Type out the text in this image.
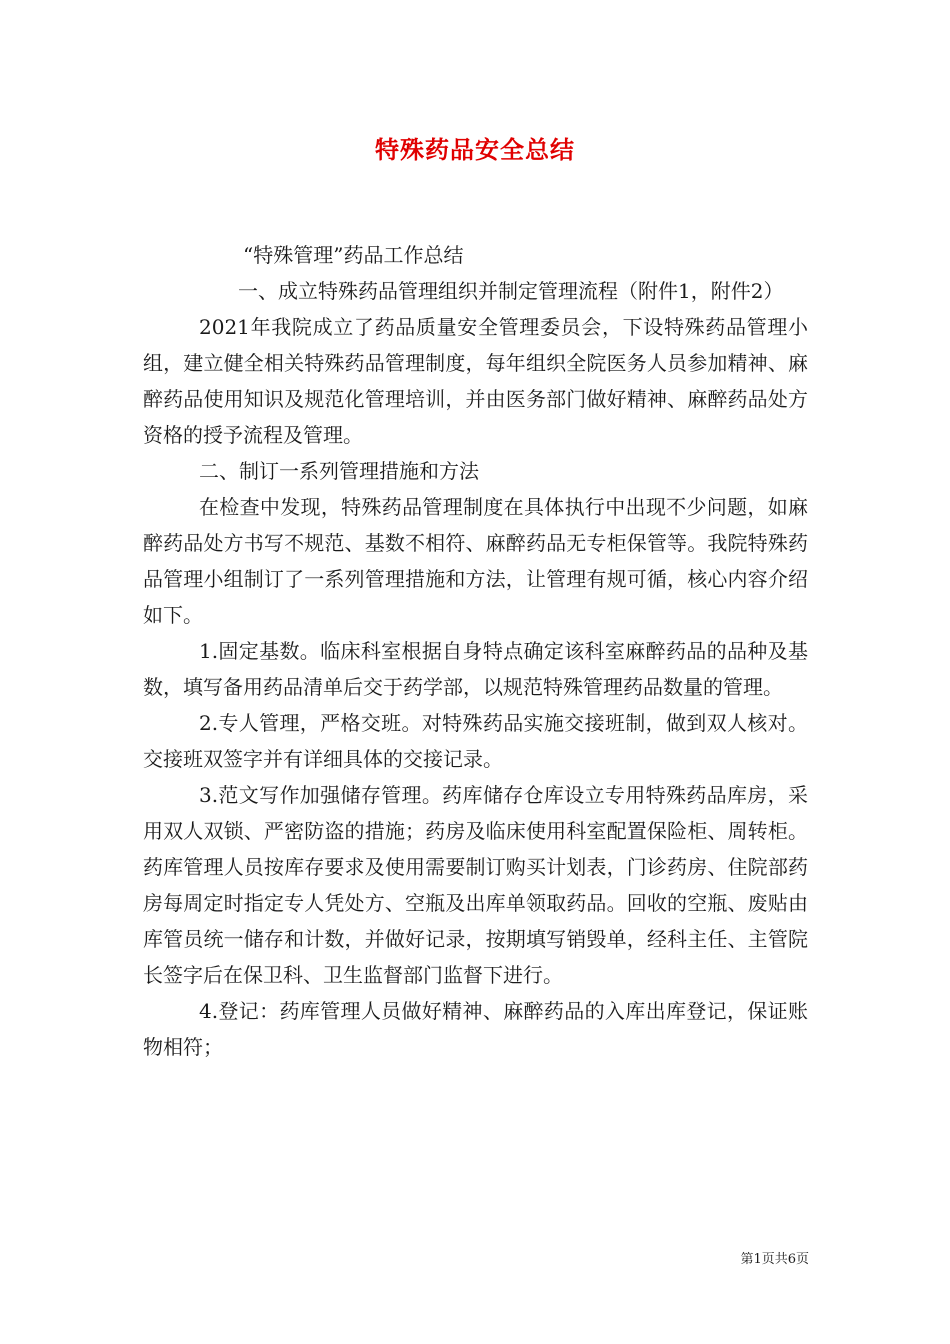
特殊药品安全总结

“特殊管理”药品工作总结

一、成立特殊药品管理组织并制定管理流程（附件1，附件2）

2021年我院成立了药品质量安全管理委员会，下设特殊药品管理小组，建立健全相关特殊药品管理制度，每年组织全院医务人员参加精神、麻醉药品使用知识及规范化管理培训，并由医务部门做好精神、麻醉药品处方资格的授予流程及管理。

二、制订一系列管理措施和方法

在检查中发现，特殊药品管理制度在具体执行中出现不少问题，如麻醉药品处方书写不规范、基数不相符、麻醉药品无专柜保管等。我院特殊药品管理小组制订了一系列管理措施和方法，让管理有规可循，核心内容介绍如下。

1.固定基数。临床科室根据自身特点确定该科室麻醉药品的品种及基数，填写备用药品清单后交于药学部，以规范特殊管理药品数量的管理。

2.专人管理，严格交班。对特殊药品实施交接班制，做到双人核对。交接班双签字并有详细具体的交接记录。

3.范文写作加强储存管理。药库储存仓库设立专用特殊药品库房，采用双人双锁、严密防盗的措施；药房及临床使用科室配置保险柜、周转柜。药库管理人员按库存要求及使用需要制订购买计划表，门诊药房、住院部药房每周定时指定专人凭处方、空瓶及出库单领取药品。回收的空瓶、废贴由库管员统一储存和计数，并做好记录，按期填写销毁单，经科主任、主管院长签字后在保卫科、卫生监督部门监督下进行。

4.登记：药库管理人员做好精神、麻醉药品的入库出库登记，保证账物相符；

第1页共6页
